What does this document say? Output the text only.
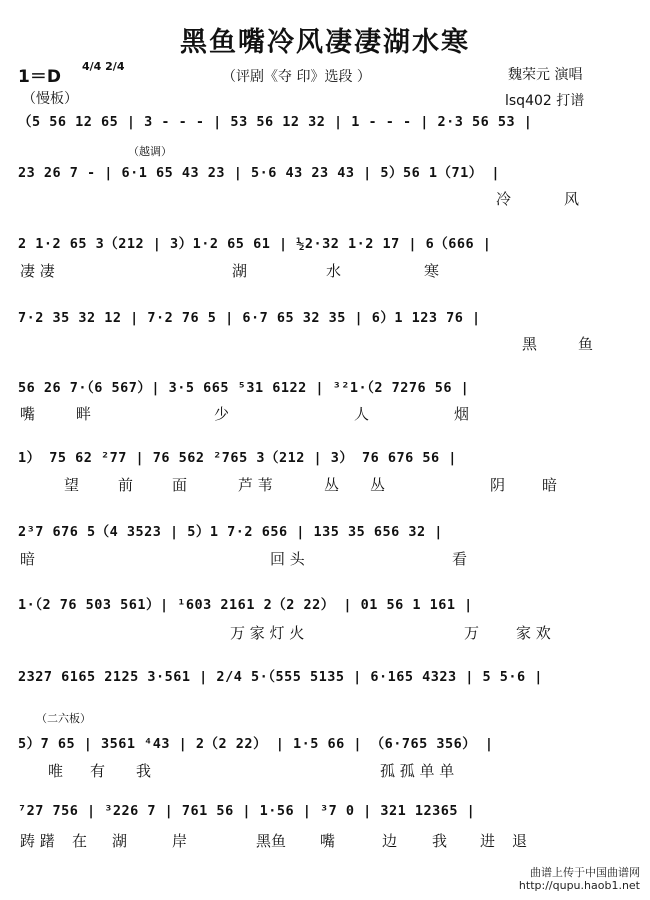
黑鱼嘴冷风凄凄湖水寒
1＝D
4/4 2/4
（评剧《夺 印》选段 ）	魏荣元 演唱
lsq402 打谱
（慢板）
（5 56 12 65 | 3 - - - | 53 56 12 32 | 1 - - - | 2·3 56 53 |
（越调）
23 26 7 - | 6·1 65 43 23 | 5·6 43 23 43 | 5）56 1（71） |
冷	风
2 1·2 65 3（212 | 3）1·2 65 61 | ½2·32 1·2 17 | 6（666 |
凄 凄	湖	水	寒
7·2 35 32 12 | 7·2 76 5 | 6·7 65 32 35 | 6）1 123 76 |
黑	鱼
56 26 7·（6 567）| 3·5 665 ⁵31 6122 | ³²1·（2 7276 56 |
嘴	畔	少	人	烟
1） 75 62 ²77 | 76 562 ²765 3（212 | 3） 76 676 56 |
望	前	面	芦 苇	丛 丛	阴 暗
2³7 676 5（4 3523 | 5）1 7·2 656 | 135 35 656 32 |
暗	回 头	看
1·（2 76 503 561）| ¹603 2161 2（2 22） | 01 56 1 161 |
万 家 灯 火	万 家 欢
2327 6165 2125 3·561 | 2/4 5·（555 5135 | 6·165 4323 | 5 5·6 |
（二六板）
5）7 65 | 3561 ⁴43 | 2（2 22） | 1·5 66 | （6·765 356） |
唯 有 我	孤 孤 单 单
⁷27 756 | ³226 7 | 761 56 | 1·56 | ³7 0 | 321 12365 |
踌 躇 在 湖	岸	黑鱼 嘴	边 我 进 退
曲谱上传于中国曲谱网
http://qupu.haob1.net
